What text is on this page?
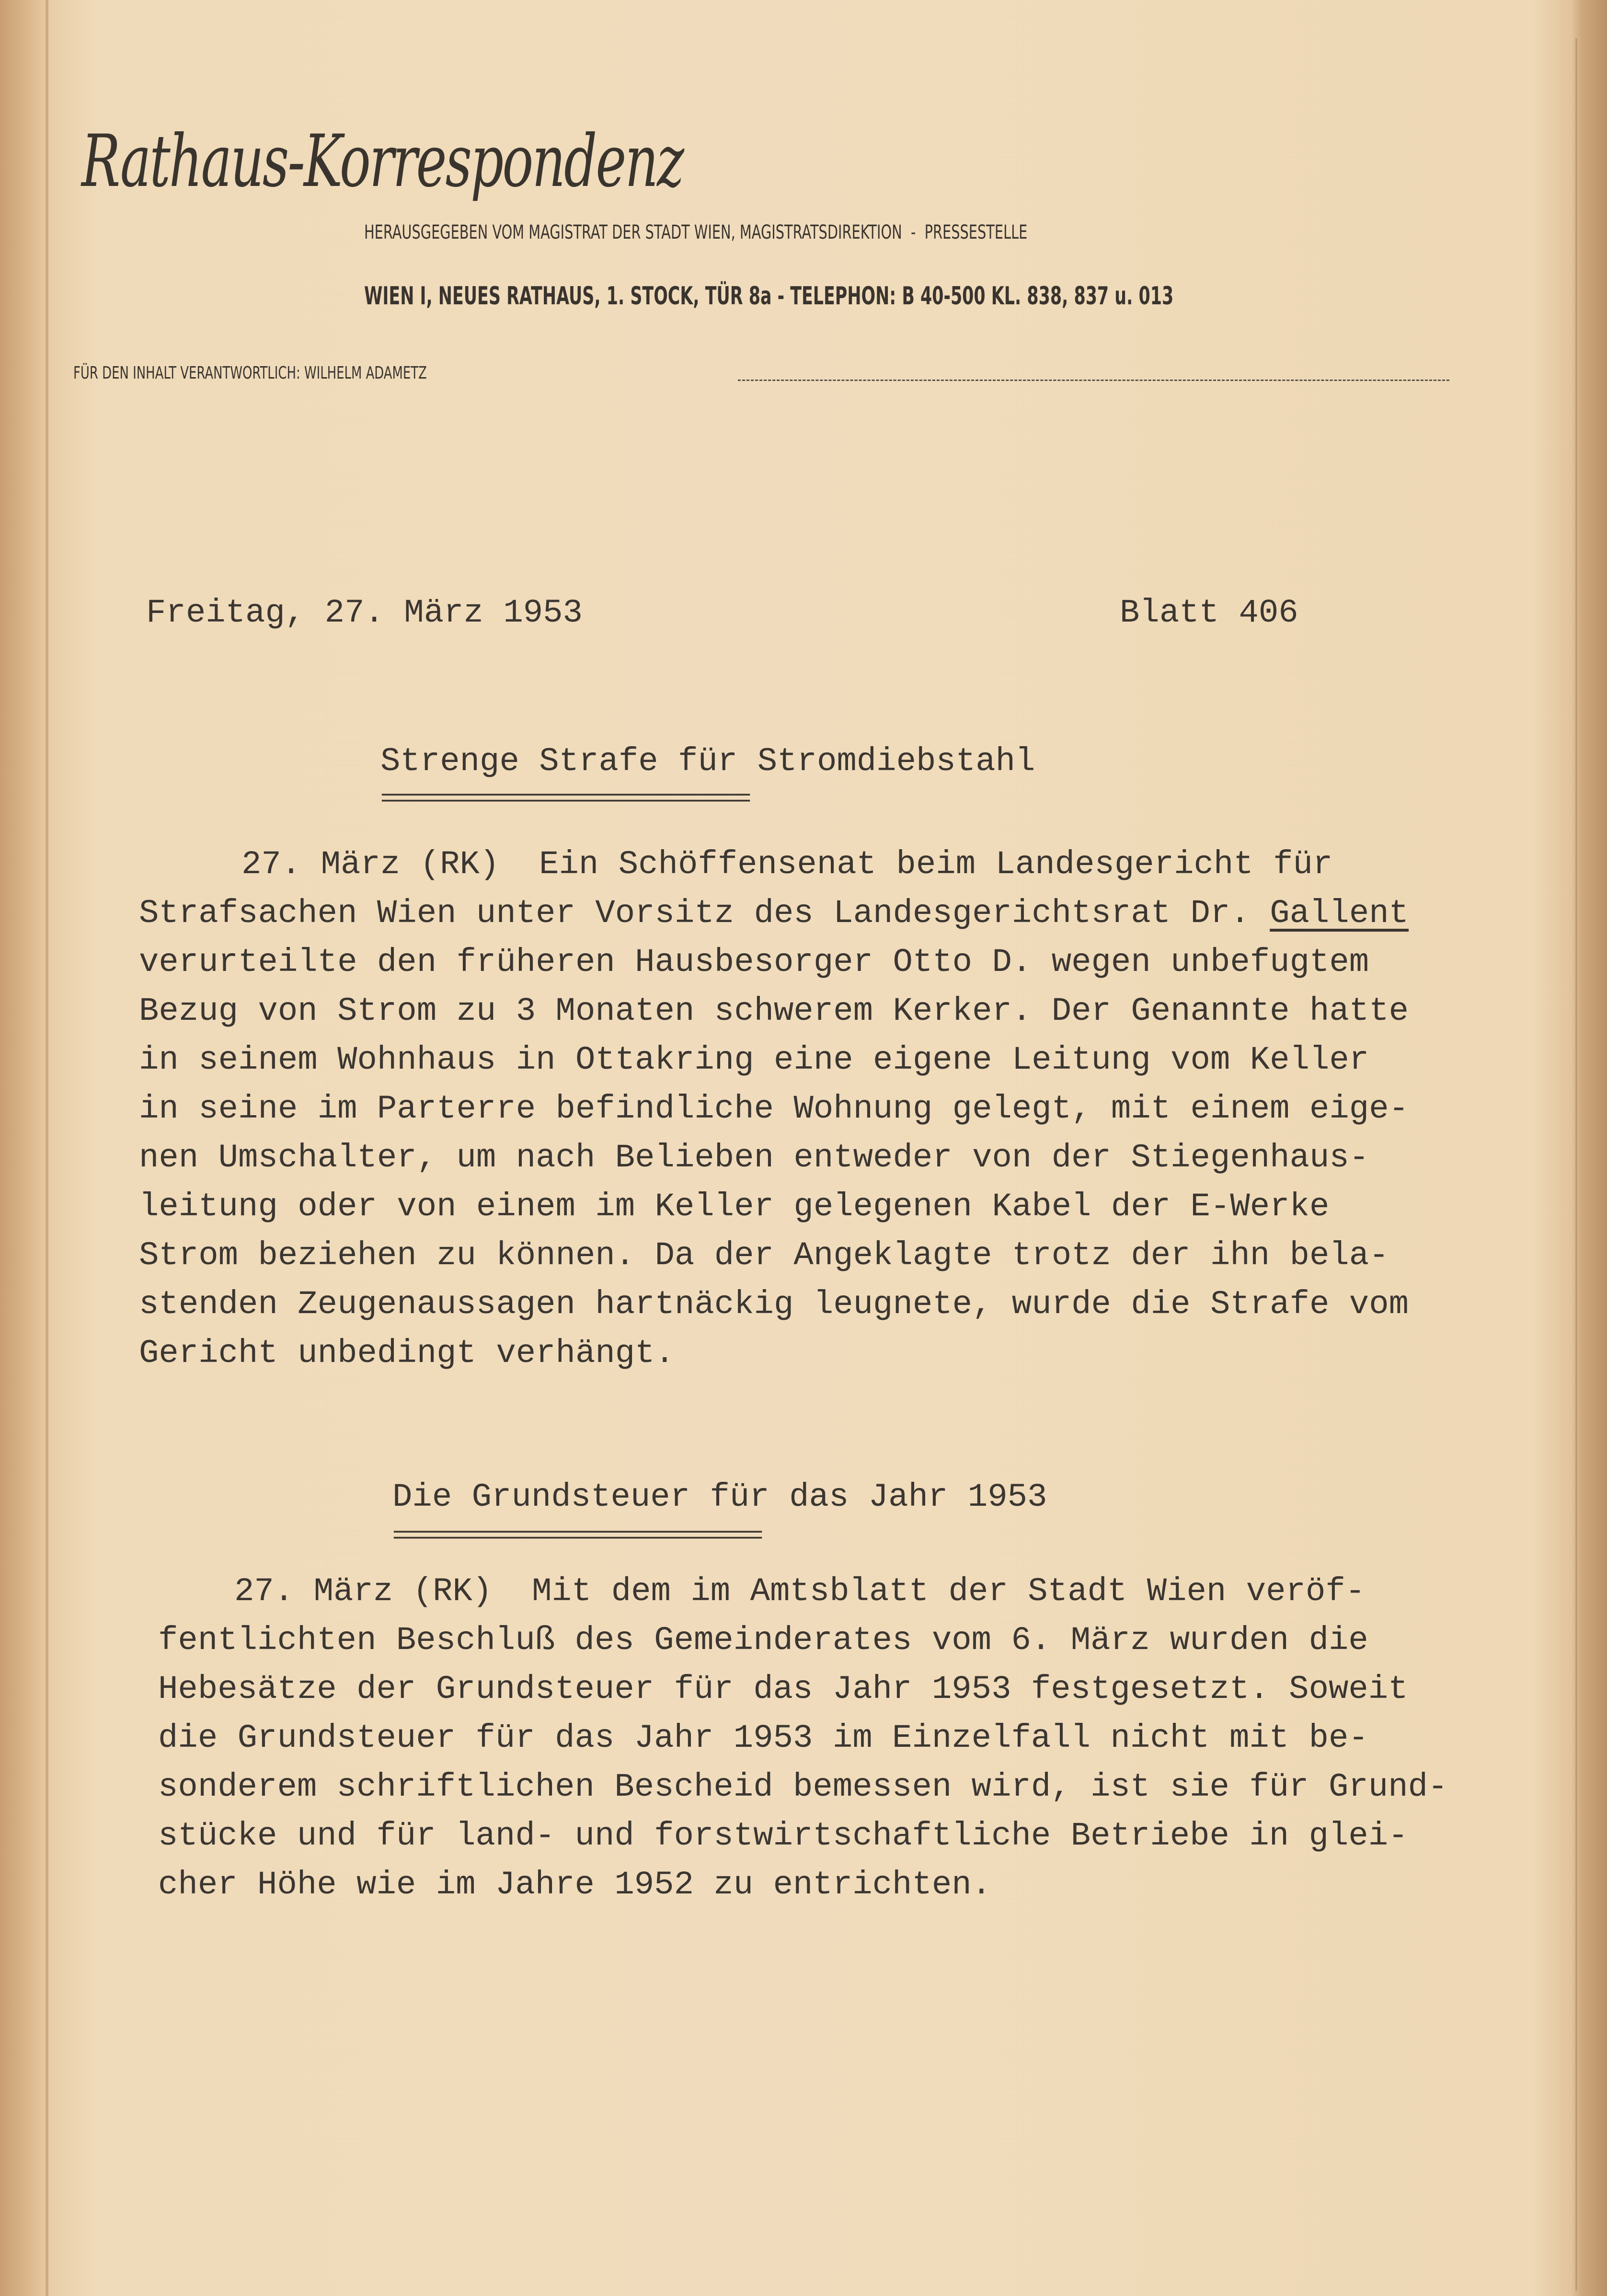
Rathaus-Korrespondenz
HERAUSGEGEBEN VOM MAGISTRAT DER STADT WIEN, MAGISTRATSDIREKTION  -  PRESSESTELLE
WIEN I, NEUES RATHAUS, 1. STOCK, TÜR 8a - TELEPHON: B 40-500 KL. 838, 837 u. 013
FÜR DEN INHALT VERANTWORTLICH: WILHELM ADAMETZ
Freitag, 27. März 1953	Blatt 406
Strenge Strafe für Stromdiebstahl
================================
27. März (RK)  Ein Schöffensenat beim Landesgericht für
Strafsachen Wien unter Vorsitz des Landesgerichtsrat Dr. Gallent
verurteilte den früheren Hausbesorger Otto D. wegen unbefugtem
Bezug von Strom zu 3 Monaten schwerem Kerker. Der Genannte hatte
in seinem Wohnhaus in Ottakring eine eigene Leitung vom Keller
in seine im Parterre befindliche Wohnung gelegt, mit einem eige-
nen Umschalter, um nach Belieben entweder von der Stiegenhaus-
leitung oder von einem im Keller gelegenen Kabel der E-Werke
Strom beziehen zu können. Da der Angeklagte trotz der ihn bela-
stenden Zeugenaussagen hartnäckig leugnete, wurde die Strafe vom
Gericht unbedingt verhängt.
Die Grundsteuer für das Jahr 1953
================================
27. März (RK)  Mit dem im Amtsblatt der Stadt Wien veröf-
fentlichten Beschluß des Gemeinderates vom 6. März wurden die
Hebesätze der Grundsteuer für das Jahr 1953 festgesetzt. Soweit
die Grundsteuer für das Jahr 1953 im Einzelfall nicht mit be-
sonderem schriftlichen Bescheid bemessen wird, ist sie für Grund-
stücke und für land- und forstwirtschaftliche Betriebe in glei-
cher Höhe wie im Jahre 1952 zu entrichten.
